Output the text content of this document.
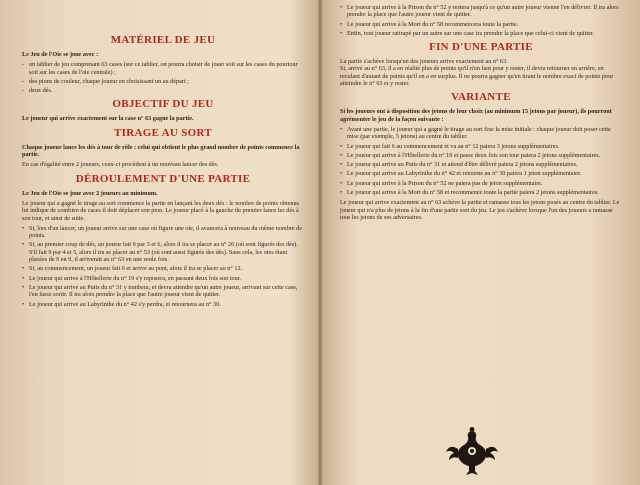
MATÉRIEL DE JEU

Le Jeu de l'Oie se joue avec :

- un tablier de jeu comprenant 63 cases (sur ce tablier, on pourra choisir de jouer soit sur les cases du pourtour soit sur les cases de l'oie centrale) ;
- des pions de couleur, chaque joueur en choisissant un au départ ;
- deux dés.
OBJECTIF DU JEU

Le joueur qui arrive exactement sur la case n° 63 gagne la partie.

TIRAGE AU SORT

Chaque joueur lance les dés à tour de rôle : celui qui obtient le plus grand nombre de points commence la partie.

En cas d'égalité entre 2 joueurs, ceux-ci procèdent à un nouveau lancer des dés.

DÉROULEMENT D'UNE PARTIE

Le Jeu de l'Oie se joue avec 2 joueurs au minimum.

Le joueur qui a gagné le tirage au sort commence la partie en lançant les deux dés : le nombre de points obtenus lui indique de combien de cases il doit déplacer son pion. Le joueur placé à la gauche du premier lance les dés à son tour, et ainsi de suite.

• Si, lors d'un lancer, un joueur arrive sur une case où figure une oie, il avancera à nouveau du même nombre de points.
• Si, au premier coup de dés, un joueur fait 9 par 3 et 6, alors il ira se placer au n° 26 (où sont figurés des dés). S'il fait 9 par 4 et 5, alors il ira se placer au n° 53 (où sont aussi figurés des dés). Sans cela, les oies étant placées de 9 en 9, il arriverait au n° 63 en une seule fois.
• Si, au commencement, un joueur fait 6 et arrive au pont, alors il ira se placer au n° 12.
• Le joueur qui arrive à l'Hôtellerie du n° 19 s'y reposera, en passant deux fois son tour.
• Le joueur qui arrive au Puits du n° 31 y tombera, et devra attendre qu'un autre joueur, arrivant sur cette case, l'en fasse sortir. Il ira alors prendre la place que l'autre joueur vient de quitter.
• Le joueur qui arrive au Labyrinthe du n° 42 s'y perdra, et retournera au n° 30.
• Le joueur qui arrive à la Prison du n° 52 y restera jusqu'à ce qu'un autre joueur vienne l'en délivrer. Il ira alors prendre la place que l'autre joueur vient de quitter.
• Le joueur qui arrive à la Mort du n° 58 recommencera toute la partie.
• Enfin, tout joueur rattrapé par un autre sur une case ira prendre la place que celui-ci vient de quitter.
FIN D'UNE PARTIE

La partie s'achève lorsqu'un des joueurs arrive exactement au n° 63.

Si, arrivé au n° 63, il a en réalité plus de points qu'il n'en faut pour y rester, il devra retourner en arrière, en reculant d'autant de points qu'il en a en surplus. Il ne pourra gagner qu'en tirant le nombre exact de points pour atteindre le n° 63 et y rester.

VARIANTE

Si les joueurs ont à disposition des jetons de leur choix (au minimum 15 jetons par joueur), ils pourront agrémenter le jeu de la façon suivante :

• Avant une partie, le joueur qui a gagné le tirage au sort fixe la mise initiale : chaque joueur doit poser cette mise (par exemple, 5 jetons) au centre du tablier.
• Le joueur qui fait 6 au commencement et va au n° 12 paiera 3 jetons supplémentaires.
• Le joueur qui arrive à l'Hôtellerie du n° 19 et passe deux fois son tour paiera 2 jetons supplémentaires.
• Le joueur qui arrive au Puits du n° 31 et attend d'être délivré paiera 2 jetons supplémentaires.
• Le joueur qui arrive au Labyrinthe du n° 42 et retourne au n° 30 paiera 1 jeton supplémentaire.
• Le joueur qui arrive à la Prison du n° 52 ne paiera pas de jeton supplémentaire.
• Le joueur qui arrive à la Mort du n° 58 et recommence toute la partie paiera 2 jetons supplémentaires.

Le joueur qui arrive exactement au n° 63 achève la partie et ramasse tous les jetons posés au centre du tablier. Le joueur qui n'a plus de jetons à la fin d'une partie sort du jeu. Le jeu s'achève lorsque l'un des joueurs a ramassé tous les jetons de ses adversaires.
